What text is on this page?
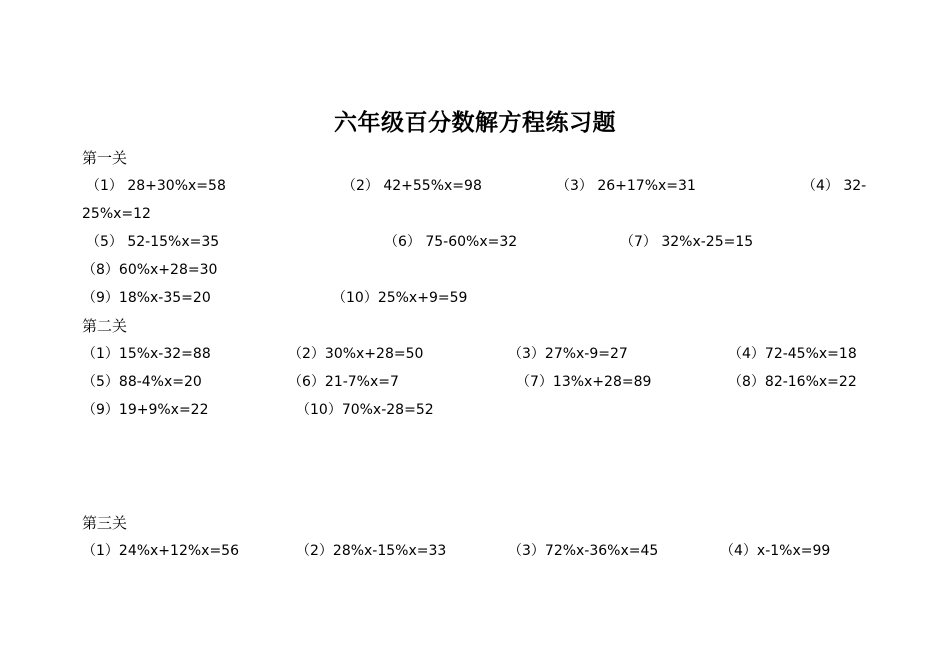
六年级百分数解方程练习题
第一关
（1） 28+30%x=58	（2） 42+55%x=98	（3） 26+17%x=31	（4） 32-
25%x=12
（5） 52-15%x=35	（6） 75-60%x=32	（7） 32%x-25=15
（8）60%x+28=30
（9）18%x-35=20	（10）25%x+9=59
第二关
（1）15%x-32=88	（2）30%x+28=50	（3）27%x-9=27	（4）72-45%x=18
（5）88-4%x=20	（6）21-7%x=7	（7）13%x+28=89	（8）82-16%x=22
（9）19+9%x=22	（10）70%x-28=52
第三关
（1）24%x+12%x=56	（2）28%x-15%x=33	（3）72%x-36%x=45	（4）x-1%x=99
